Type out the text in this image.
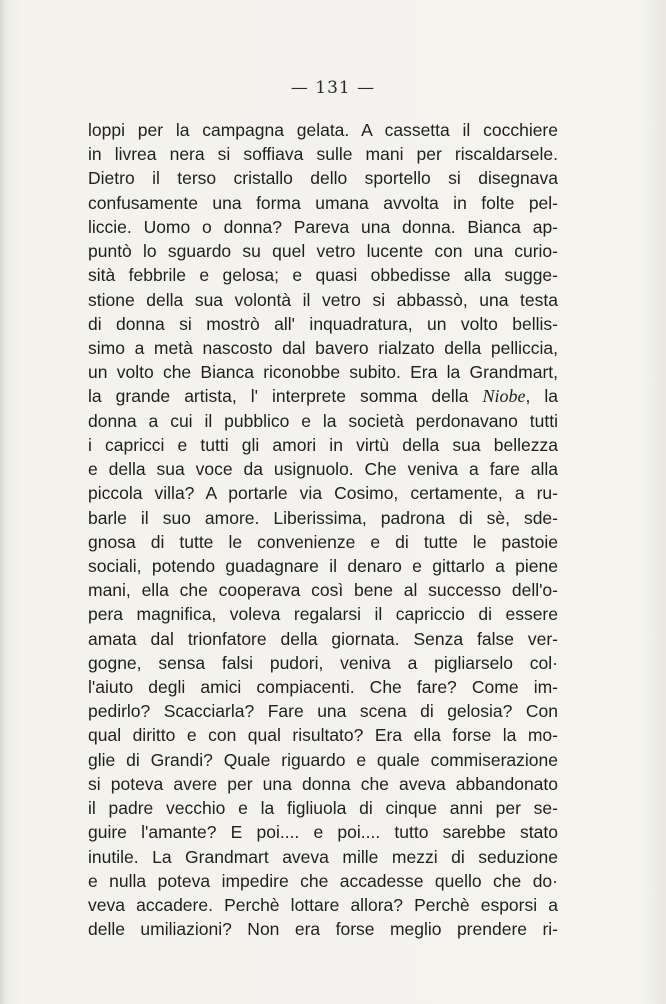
— 131 —
loppi per la campagna gelata. A cassetta il cocchiere
in livrea nera si soffiava sulle mani per riscaldarsele.
Dietro il terso cristallo dello sportello si disegnava
confusamente una forma umana avvolta in folte pel-
liccie. Uomo o donna? Pareva una donna. Bianca ap-
puntò lo sguardo su quel vetro lucente con una curio-
sità febbrile e gelosa; e quasi obbedisse alla sugge-
stione della sua volontà il vetro si abbassò, una testa
di donna si mostrò all' inquadratura, un volto bellis-
simo a metà nascosto dal bavero rialzato della pelliccia,
un volto che Bianca riconobbe subito. Era la Grandmart,
la grande artista, l' interprete somma della Niobe, la
donna a cui il pubblico e la società perdonavano tutti
i capricci e tutti gli amori in virtù della sua bellezza
e della sua voce da usignuolo. Che veniva a fare alla
piccola villa? A portarle via Cosimo, certamente, a ru-
barle il suo amore. Liberissima, padrona di sè, sde-
gnosa di tutte le convenienze e di tutte le pastoie
sociali, potendo guadagnare il denaro e gittarlo a piene
mani, ella che cooperava così bene al successo dell'o-
pera magnifica, voleva regalarsi il capriccio di essere
amata dal trionfatore della giornata. Senza false ver-
gogne, sensa falsi pudori, veniva a pigliarselo col·
l'aiuto degli amici compiacenti. Che fare? Come im-
pedirlo? Scacciarla? Fare una scena di gelosia? Con
qual diritto e con qual risultato? Era ella forse la mo-
glie di Grandi? Quale riguardo e quale commiserazione
si poteva avere per una donna che aveva abbandonato
il padre vecchio e la figliuola di cinque anni per se-
guire l'amante? E poi.... e poi.... tutto sarebbe stato
inutile. La Grandmart aveva mille mezzi di seduzione
e nulla poteva impedire che accadesse quello che do·
veva accadere. Perchè lottare allora? Perchè esporsi a
delle umiliazioni? Non era forse meglio prendere ri-
